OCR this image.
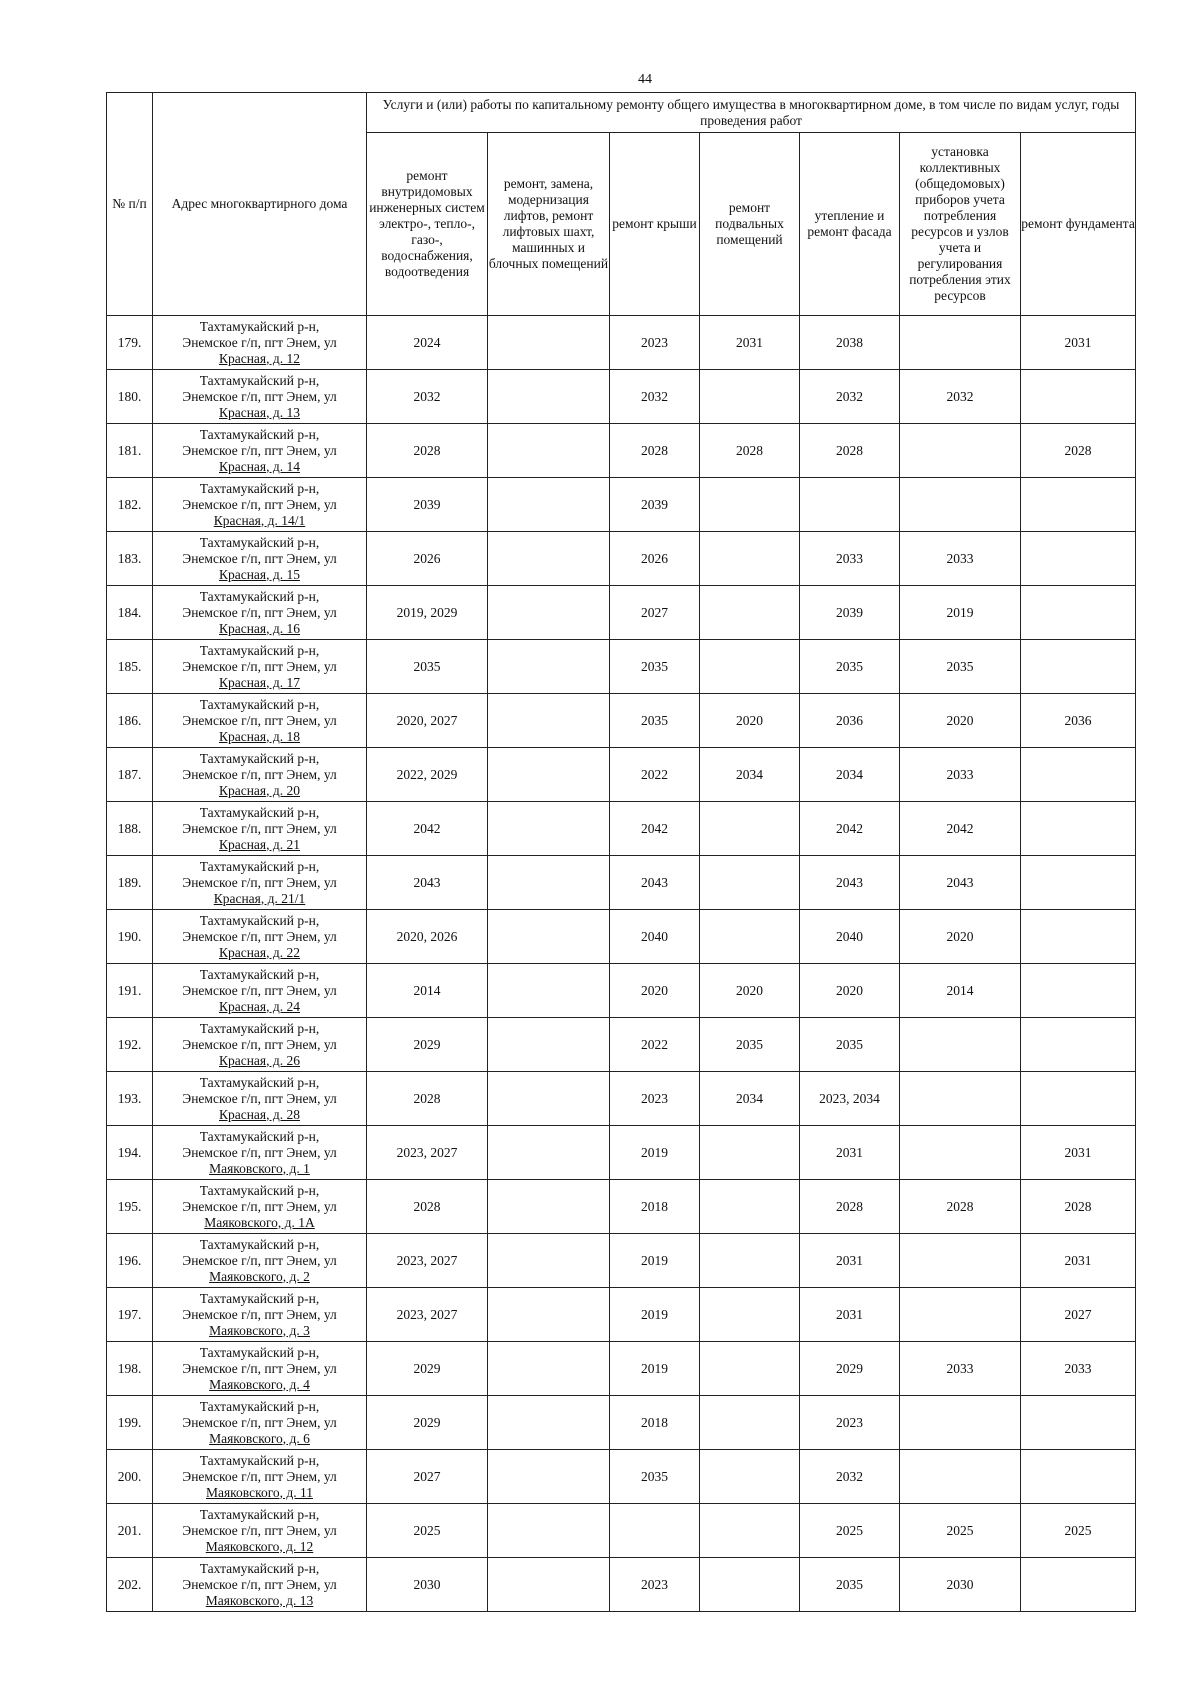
44
№ п/п	Адрес многоквартирного дома	Услуги и (или) работы по капитальному ремонту общего имущества в многоквартирном доме, в том числе по видам услуг, годы проведения работ						
		ремонт внутридомовых инженерных систем электро-, тепло-, газо-, водоснабжения, водоотведения	ремонт, замена, модернизация лифтов, ремонт лифтовых шахт, машинных и блочных помещений	ремонт крыши	ремонт подвальных помещений	утепление и ремонт фасада	установка коллективных (общедомовых) приборов учета потребления ресурсов и узлов учета и регулирования потребления этих ресурсов	ремонт фундамента
179.	Тахтамукайский р-н,
Энемское г/п, пгт Энем, ул
Красная, д. 12	2024		2023	2031	2038		2031
180.	Тахтамукайский р-н,
Энемское г/п, пгт Энем, ул
Красная, д. 13	2032		2032		2032	2032	
181.	Тахтамукайский р-н,
Энемское г/п, пгт Энем, ул
Красная, д. 14	2028		2028	2028	2028		2028
182.	Тахтамукайский р-н,
Энемское г/п, пгт Энем, ул
Красная, д. 14/1	2039		2039				
183.	Тахтамукайский р-н,
Энемское г/п, пгт Энем, ул
Красная, д. 15	2026		2026		2033	2033	
184.	Тахтамукайский р-н,
Энемское г/п, пгт Энем, ул
Красная, д. 16	2019, 2029		2027		2039	2019	
185.	Тахтамукайский р-н,
Энемское г/п, пгт Энем, ул
Красная, д. 17	2035		2035		2035	2035	
186.	Тахтамукайский р-н,
Энемское г/п, пгт Энем, ул
Красная, д. 18	2020, 2027		2035	2020	2036	2020	2036
187.	Тахтамукайский р-н,
Энемское г/п, пгт Энем, ул
Красная, д. 20	2022, 2029		2022	2034	2034	2033	
188.	Тахтамукайский р-н,
Энемское г/п, пгт Энем, ул
Красная, д. 21	2042		2042		2042	2042	
189.	Тахтамукайский р-н,
Энемское г/п, пгт Энем, ул
Красная, д. 21/1	2043		2043		2043	2043	
190.	Тахтамукайский р-н,
Энемское г/п, пгт Энем, ул
Красная, д. 22	2020, 2026		2040		2040	2020	
191.	Тахтамукайский р-н,
Энемское г/п, пгт Энем, ул
Красная, д. 24	2014		2020	2020	2020	2014	
192.	Тахтамукайский р-н,
Энемское г/п, пгт Энем, ул
Красная, д. 26	2029		2022	2035	2035		
193.	Тахтамукайский р-н,
Энемское г/п, пгт Энем, ул
Красная, д. 28	2028		2023	2034	2023, 2034		
194.	Тахтамукайский р-н,
Энемское г/п, пгт Энем, ул
Маяковского, д. 1	2023, 2027		2019		2031		2031
195.	Тахтамукайский р-н,
Энемское г/п, пгт Энем, ул
Маяковского, д. 1А	2028		2018		2028	2028	2028
196.	Тахтамукайский р-н,
Энемское г/п, пгт Энем, ул
Маяковского, д. 2	2023, 2027		2019		2031		2031
197.	Тахтамукайский р-н,
Энемское г/п, пгт Энем, ул
Маяковского, д. 3	2023, 2027		2019		2031		2027
198.	Тахтамукайский р-н,
Энемское г/п, пгт Энем, ул
Маяковского, д. 4	2029		2019		2029	2033	2033
199.	Тахтамукайский р-н,
Энемское г/п, пгт Энем, ул
Маяковского, д. 6	2029		2018		2023		
200.	Тахтамукайский р-н,
Энемское г/п, пгт Энем, ул
Маяковского, д. 11	2027		2035		2032		
201.	Тахтамукайский р-н,
Энемское г/п, пгт Энем, ул
Маяковского, д. 12	2025				2025	2025	2025
202.	Тахтамукайский р-н,
Энемское г/п, пгт Энем, ул
Маяковского, д. 13	2030		2023		2035	2030	
